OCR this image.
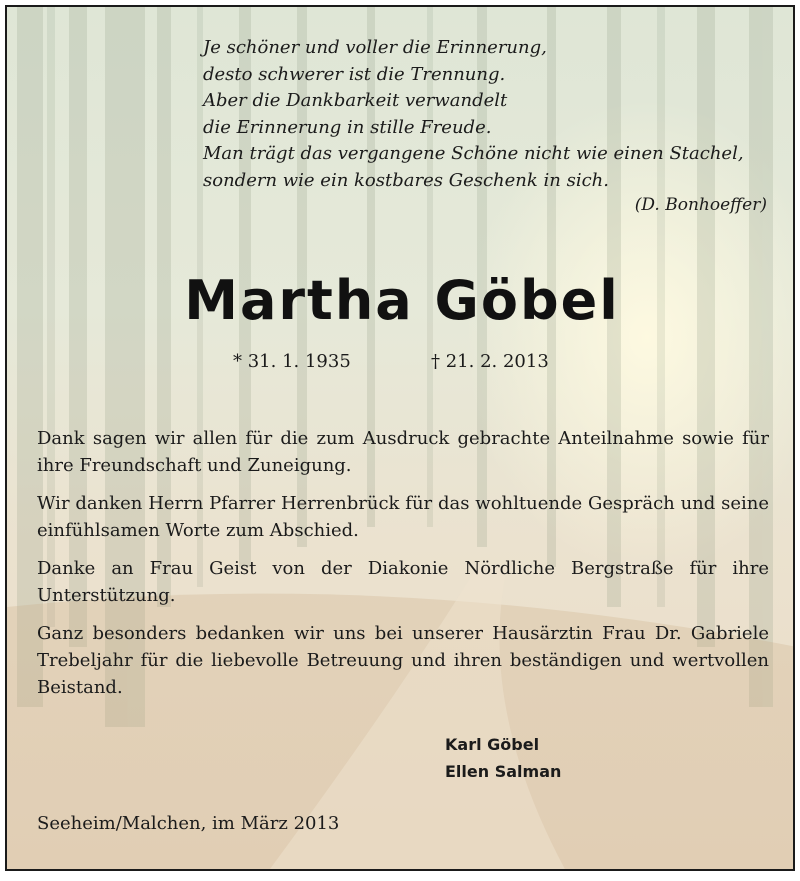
Je schöner und voller die Erinnerung,
desto schwerer ist die Trennung.
Aber die Dankbarkeit verwandelt
die Erinnerung in stille Freude.
Man trägt das vergangene Schöne nicht wie einen Stachel,
sondern wie ein kostbares Geschenk in sich.
(D. Bonhoeffer)
Martha Göbel
* 31. 1. 1935	† 21. 2. 2013

Dank sagen wir allen für die zum Ausdruck gebrachte Anteilnahme sowie für ihre Freundschaft und Zuneigung.

Wir danken Herrn Pfarrer Herrenbrück für das wohltuende Gespräch und seine einfühlsamen Worte zum Abschied.

Danke an Frau Geist von der Diakonie Nördliche Bergstraße für ihre Unterstützung.

Ganz besonders bedanken wir uns bei unserer Hausärztin Frau Dr. Gabriele Trebeljahr für die liebevolle Betreuung und ihren beständigen und wertvollen Beistand.

Karl Göbel
Ellen Salman
Seeheim/Malchen, im März 2013
